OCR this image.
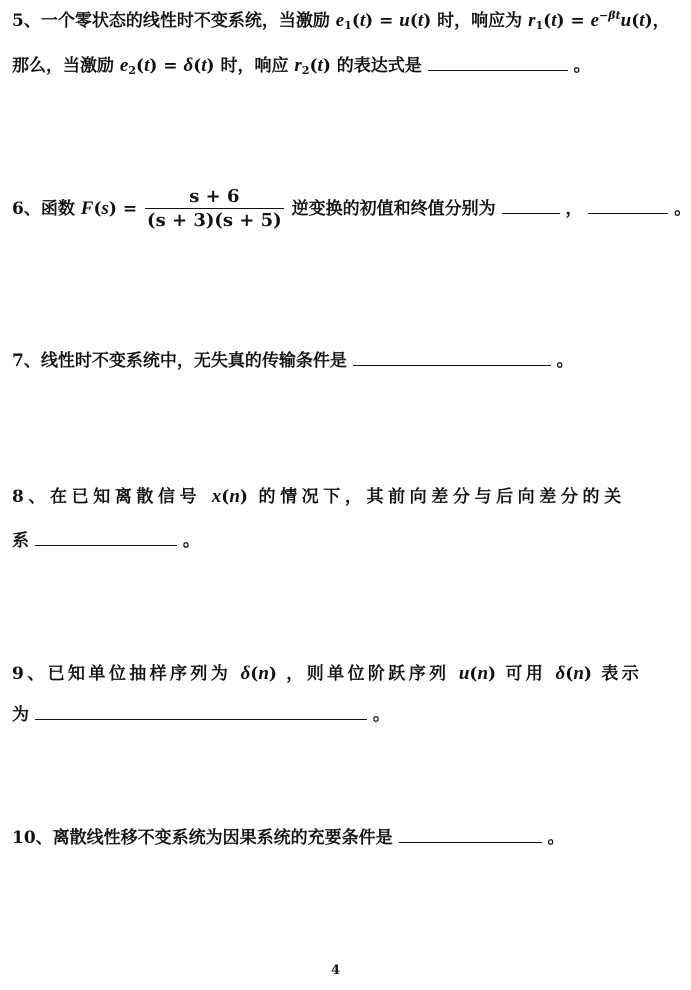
5、一个零状态的线性时不变系统，当激励 $e_1(t) = u(t)$ 时，响应为 $r_1(t) = e^{-\beta t}u(t)$，
那么，当激励 $e_2(t) = \delta(t)$ 时，响应 $r_2(t)$ 的表达式是	。
6、函数 $F(s) = \frac{s + 6}{(s + 3)(s + 5)}$ 逆变换的初值和终值分别为	，	。
7、线性时不变系统中，无失真的传输条件是	。
8、在已知离散信号 x(n) 的情况下，其前向差分与后向差分的关
系	。
9、已知单位抽样序列为 δ(n) ，则单位阶跃序列 u(n) 可用 δ(n) 表示
为	。
10、离散线性移不变系统为因果系统的充要条件是	。
4
